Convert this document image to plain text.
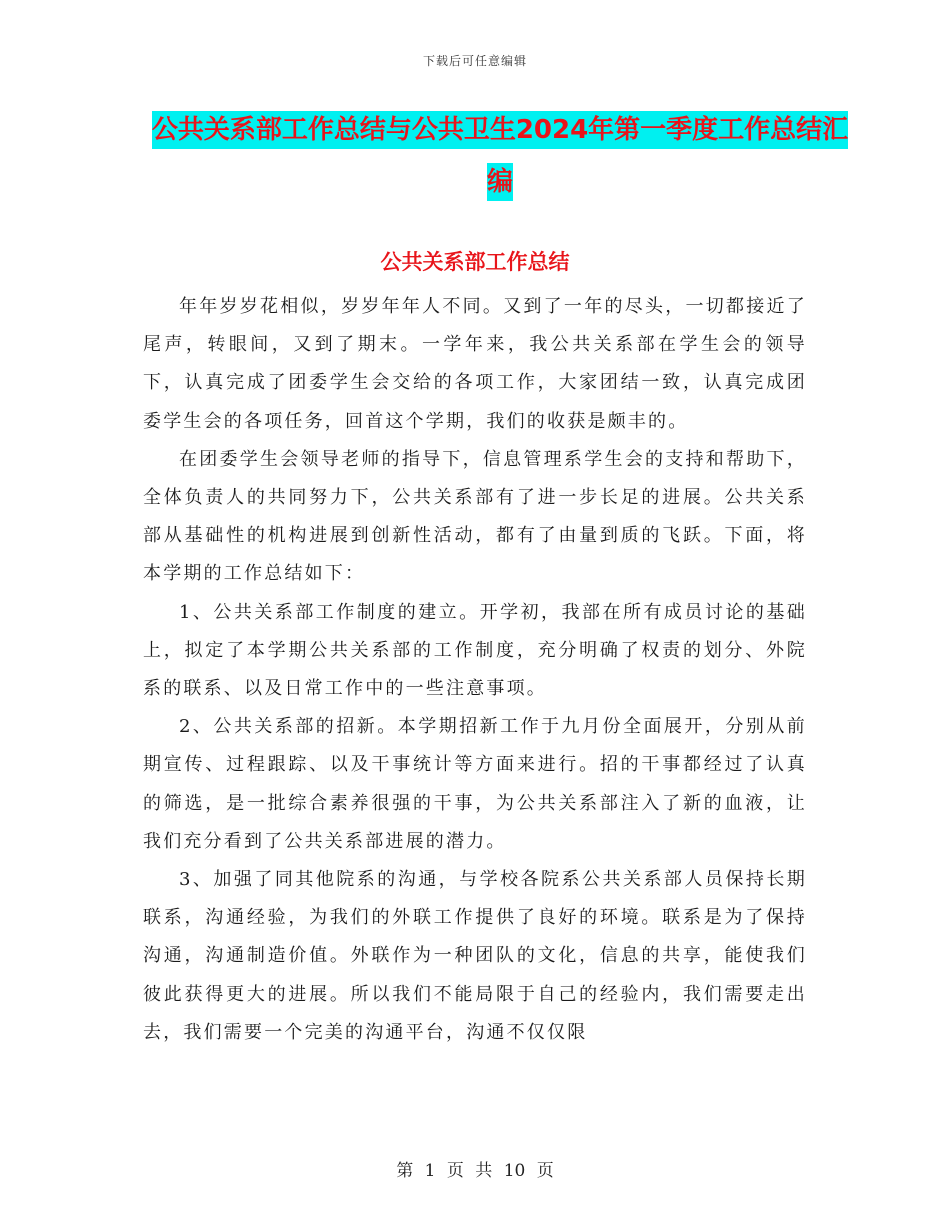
下载后可任意编辑
公共关系部工作总结与公共卫生2024年第一季度工作总结汇编
公共关系部工作总结

年年岁岁花相似，岁岁年年人不同。又到了一年的尽头，一切都接近了尾声，转眼间，又到了期末。一学年来，我公共关系部在学生会的领导下，认真完成了团委学生会交给的各项工作，大家团结一致，认真完成团委学生会的各项任务，回首这个学期，我们的收获是颇丰的。

在团委学生会领导老师的指导下，信息管理系学生会的支持和帮助下，全体负责人的共同努力下，公共关系部有了进一步长足的进展。公共关系部从基础性的机构进展到创新性活动，都有了由量到质的飞跃。下面，将本学期的工作总结如下：

1、公共关系部工作制度的建立。开学初，我部在所有成员讨论的基础上，拟定了本学期公共关系部的工作制度，充分明确了权责的划分、外院系的联系、以及日常工作中的一些注意事项。

2、公共关系部的招新。本学期招新工作于九月份全面展开，分别从前期宣传、过程跟踪、以及干事统计等方面来进行。招的干事都经过了认真的筛选，是一批综合素养很强的干事，为公共关系部注入了新的血液，让我们充分看到了公共关系部进展的潜力。

3、加强了同其他院系的沟通，与学校各院系公共关系部人员保持长期联系，沟通经验，为我们的外联工作提供了良好的环境。联系是为了保持沟通，沟通制造价值。外联作为一种团队的文化，信息的共享，能使我们彼此获得更大的进展。所以我们不能局限于自己的经验内，我们需要走出去，我们需要一个完美的沟通平台，沟通不仅仅限

第 1 页 共 10 页
